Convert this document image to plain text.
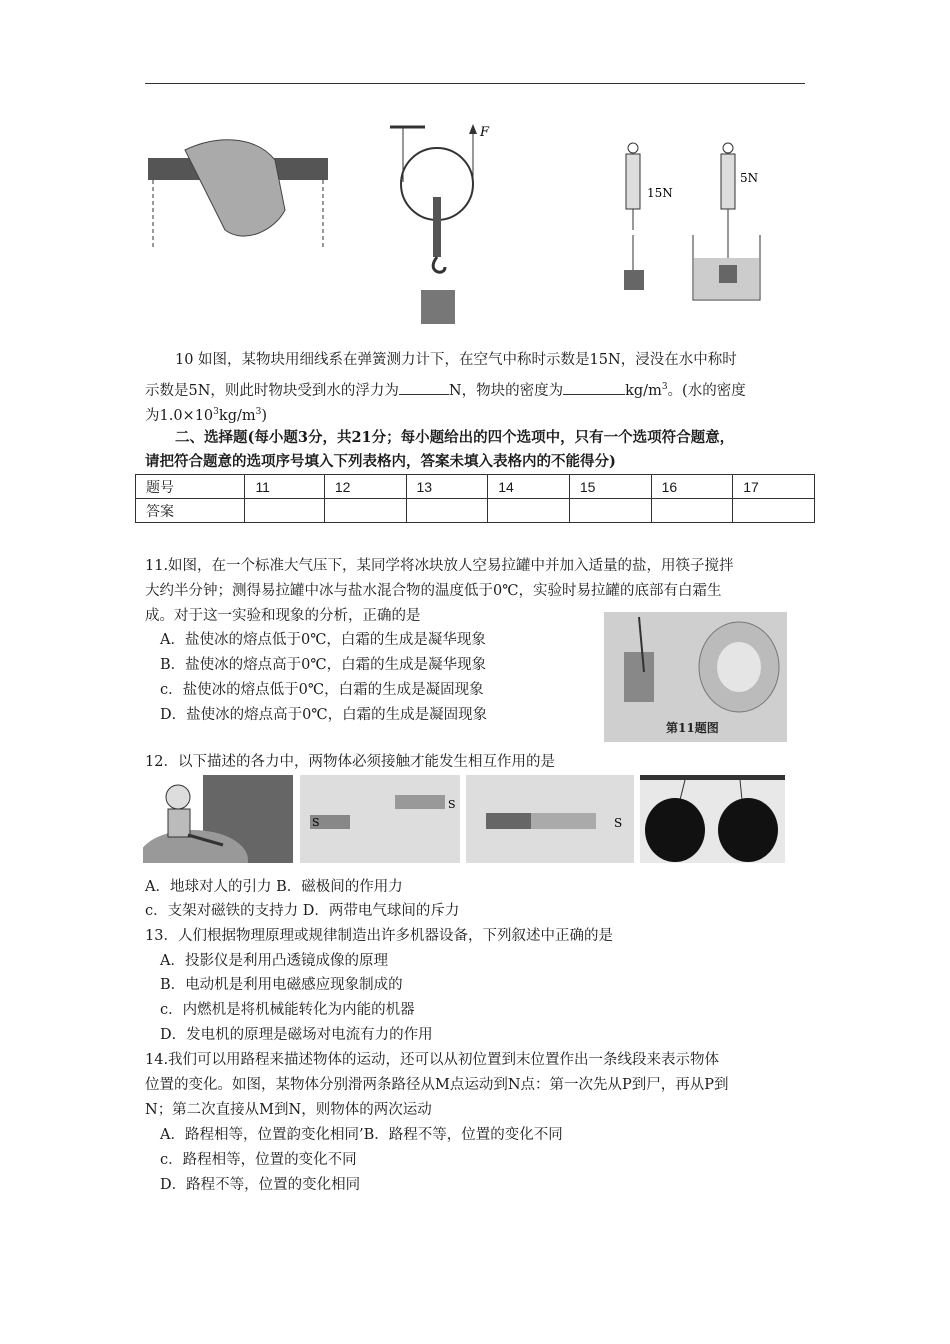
F
15N
5N
10 如图，某物块用细线系在弹簧测力计下，在空气中称时示数是15N，浸没在水中称时
示数是5N，则此时物块受到水的浮力为	N，物块的密度为	$kg/m^3$。(水的密度
为$1.0\times 10^3kg/m^3$)
二、选择题(每小题3分，共21分；每小题给出的四个选项中，只有一个选项符合题意，
请把符合题意的选项序号填入下列表格内，答案未填入表格内的不能得分)
题号	11	12	13	14	15	16	17
答案							
11.如图，在一个标准大气压下，某同学将冰块放人空易拉罐中并加入适量的盐，用筷子搅拌
大约半分钟；测得易拉罐中冰与盐水混合物的温度低于0℃，实验时易拉罐的底部有白霜生
成。对于这一实验和现象的分析，正确的是
A．盐使冰的熔点低于0℃，白霜的生成是凝华现象
B．盐使冰的熔点高于0℃，白霜的生成是凝华现象
c．盐使冰的熔点低于0℃，白霜的生成是凝固现象
D．盐使冰的熔点高于0℃，白霜的生成是凝固现象
第11题图
12．以下描述的各力中，两物体必须接触才能发生相互作用的是
S
S	S
A．地球对人的引力 B．磁极间的作用力
c．支架对磁铁的支持力 D．两带电气球间的斥力
13．人们根据物理原理或规律制造出许多机器设备，下列叙述中正确的是
A．投影仪是利用凸透镜成像的原理
B．电动机是利用电磁感应现象制成的
c．内燃机是将机械能转化为内能的机器
D．发电机的原理是磁场对电流有力的作用
14.我们可以用路程来描述物体的运动，还可以从初位置到末位置作出一条线段来表示物体
位置的变化。如图，某物体分别滑两条路径从M点运动到N点：第一次先从P到尸，再从P到
N；第二次直接从M到N，则物体的两次运动
A．路程相等，位置韵变化相同’B．路程不等，位置的变化不同
c．路程相等，位置的变化不同
D．路程不等，位置的变化相同
